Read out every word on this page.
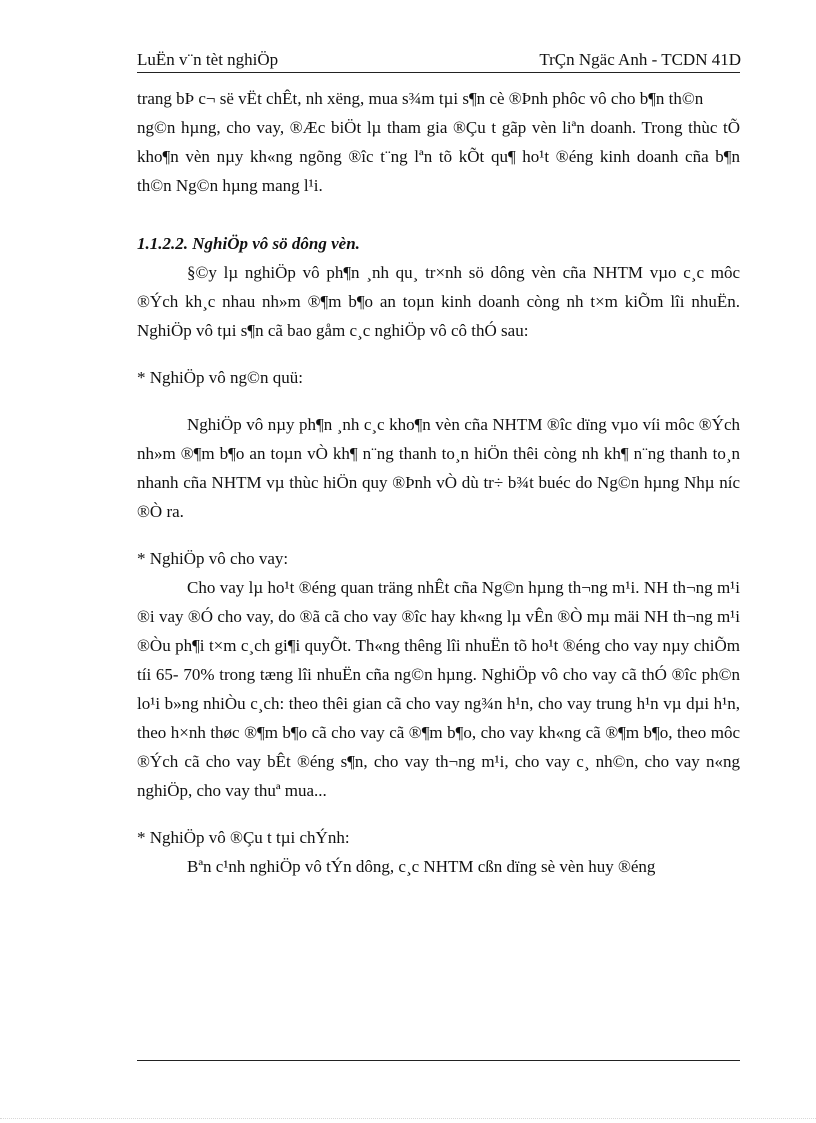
LuËn v¨n tèt nghiÖp	TrÇn Ngäc Anh - TCDN 41D

trang bÞ c¬ së vËt chÊt, nh xëng, mua s¾m tµi s¶n cè ®Þnh phôc vô cho b¶n th©n

ng©n hµng, cho vay, ®Æc biÖt lµ tham gia ®Çu t gãp vèn liªn doanh. Trong thùc tÕ kho¶n vèn nµy kh«ng ngõng ®îc t¨ng lªn tõ kÕt qu¶ ho¹t ®éng kinh doanh cña b¶n th©n Ng©n hµng mang l¹i.

1.1.2.2. NghiÖp vô sö dông vèn.

§©y lµ nghiÖp vô ph¶n ¸nh qu¸ tr×nh sö dông vèn cña NHTM vµo c¸c môc ®Ých kh¸c nhau nh»m ®¶m b¶o an toµn kinh doanh còng nh t×m kiÕm lîi nhuËn. NghiÖp vô tµi s¶n cã bao gåm c¸c nghiÖp vô cô thÓ sau:

* NghiÖp vô ng©n quü:

NghiÖp vô nµy ph¶n ¸nh c¸c kho¶n vèn cña NHTM ®îc dïng vµo víi môc ®Ých nh»m ®¶m b¶o an toµn vÒ kh¶ n¨ng thanh to¸n hiÖn thêi còng nh kh¶ n¨ng thanh to¸n nhanh cña NHTM vµ thùc hiÖn quy ®Þnh vÒ dù tr÷ b¾t buéc do Ng©n hµng Nhµ níc ®Ò ra.

* NghiÖp vô cho vay:

Cho vay lµ ho¹t ®éng quan träng nhÊt cña Ng©n hµng th¬ng m¹i. NH th¬ng m¹i ®i vay ®Ó cho vay, do ®ã cã cho vay ®îc hay kh«ng lµ vÊn ®Ò mµ mäi NH th¬ng m¹i ®Òu ph¶i t×m c¸ch gi¶i quyÕt. Th«ng thêng lîi nhuËn tõ ho¹t ®éng cho vay nµy chiÕm tíi 65- 70% trong tæng lîi nhuËn cña ng©n hµng. NghiÖp vô cho vay cã thÓ ®îc ph©n lo¹i b»ng nhiÒu c¸ch: theo thêi gian cã cho vay ng¾n h¹n, cho vay trung h¹n vµ dµi h¹n, theo h×nh thøc ®¶m b¶o cã cho vay cã ®¶m b¶o, cho vay kh«ng cã ®¶m b¶o, theo môc ®Ých cã cho vay bÊt ®éng s¶n, cho vay th¬ng m¹i, cho vay c¸ nh©n, cho vay n«ng nghiÖp, cho vay thuª mua...

* NghiÖp vô ®Çu t tµi chÝnh:

Bªn c¹nh nghiÖp vô tÝn dông, c¸c NHTM cßn dïng sè vèn huy ®éng
